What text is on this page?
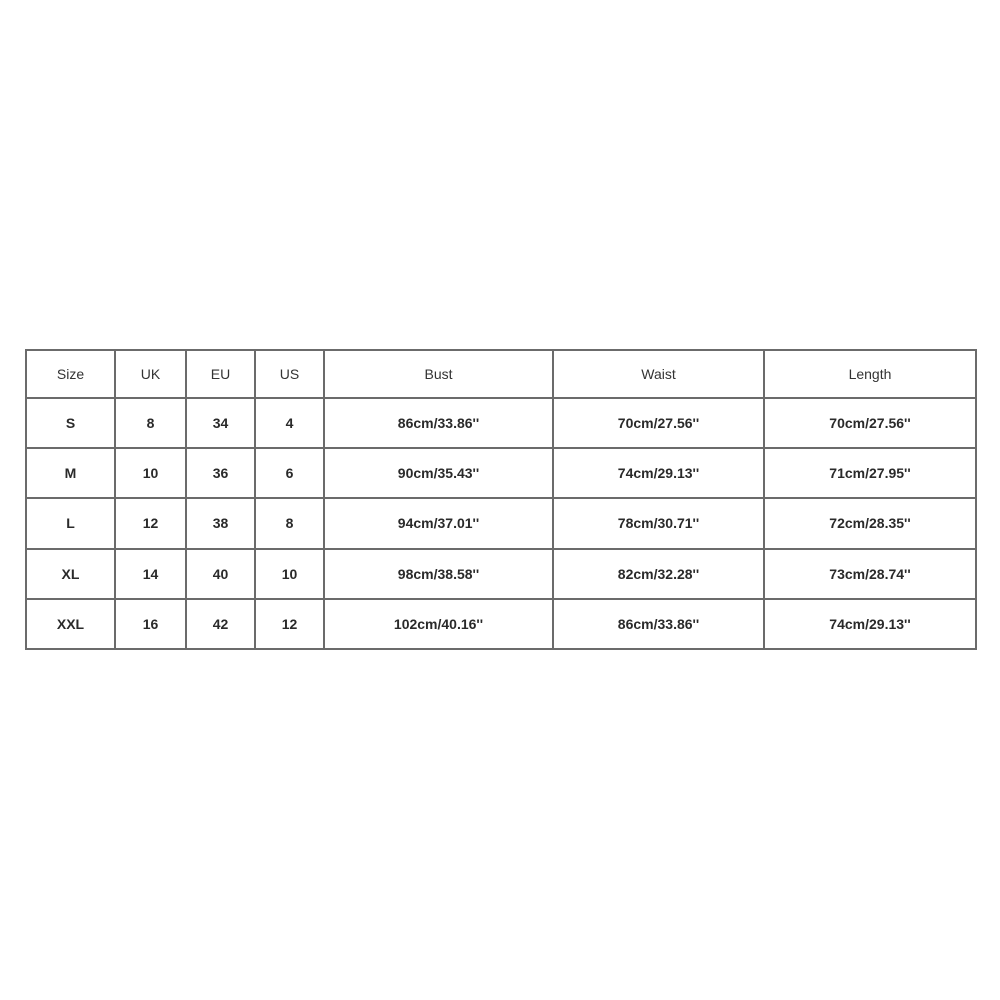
Size	UK	EU	US	Bust	Waist	Length
S	8	34	4	86cm/33.86''	70cm/27.56''	70cm/27.56''
M	10	36	6	90cm/35.43''	74cm/29.13''	71cm/27.95''
L	12	38	8	94cm/37.01''	78cm/30.71''	72cm/28.35''
XL	14	40	10	98cm/38.58''	82cm/32.28''	73cm/28.74''
XXL	16	42	12	102cm/40.16''	86cm/33.86''	74cm/29.13''
